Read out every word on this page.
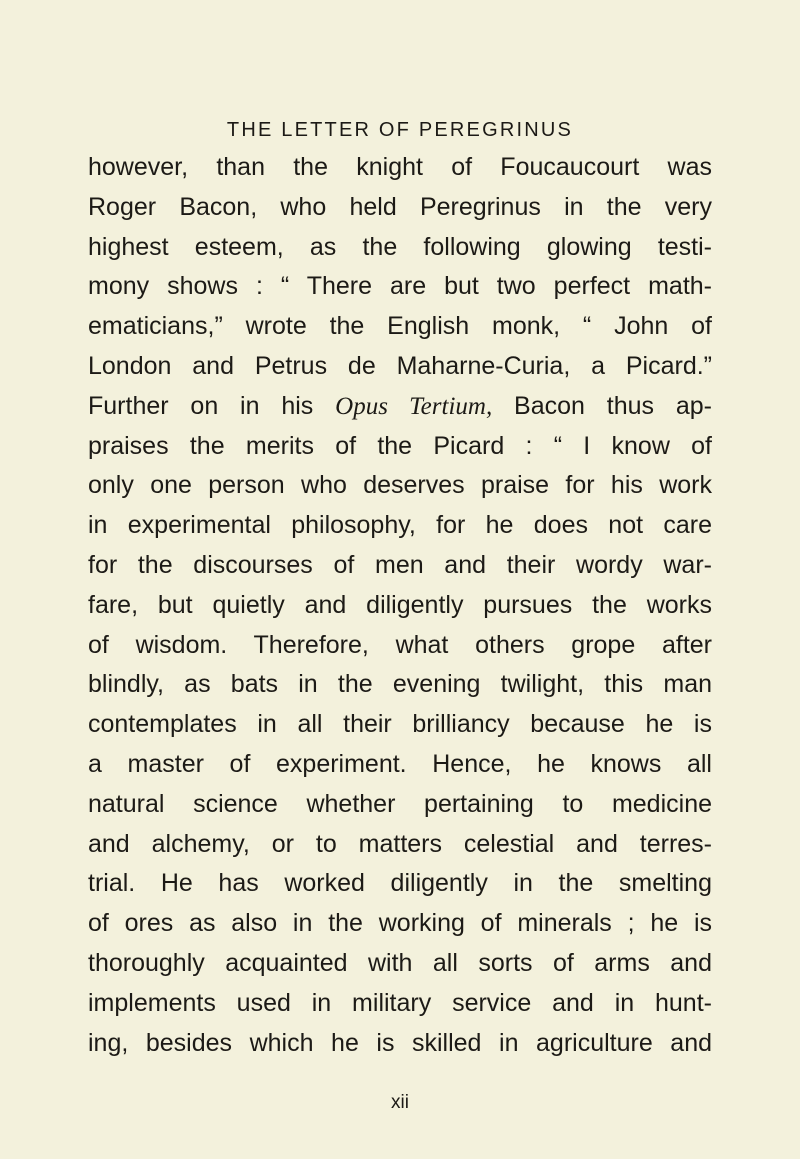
THE LETTER OF PEREGRINUS
however, than the knight of Foucaucourt was
Roger Bacon, who held Peregrinus in the very
highest esteem, as the following glowing testi-
mony shows : “ There are but two perfect math-
ematicians,” wrote the English monk, “ John of
London and Petrus de Maharne-Curia, a Picard.”
Further on in his Opus Tertium, Bacon thus ap-
praises the merits of the Picard : “ I know of
only one person who deserves praise for his work
in experimental philosophy, for he does not care
for the discourses of men and their wordy war-
fare, but quietly and diligently pursues the works
of wisdom. Therefore, what others grope after
blindly, as bats in the evening twilight, this man
contemplates in all their brilliancy because he is
a master of experiment. Hence, he knows all
natural science whether pertaining to medicine
and alchemy, or to matters celestial and terres-
trial. He has worked diligently in the smelting
of ores as also in the working of minerals ; he is
thoroughly acquainted with all sorts of arms and
implements used in military service and in hunt-
ing, besides which he is skilled in agriculture and
xii
